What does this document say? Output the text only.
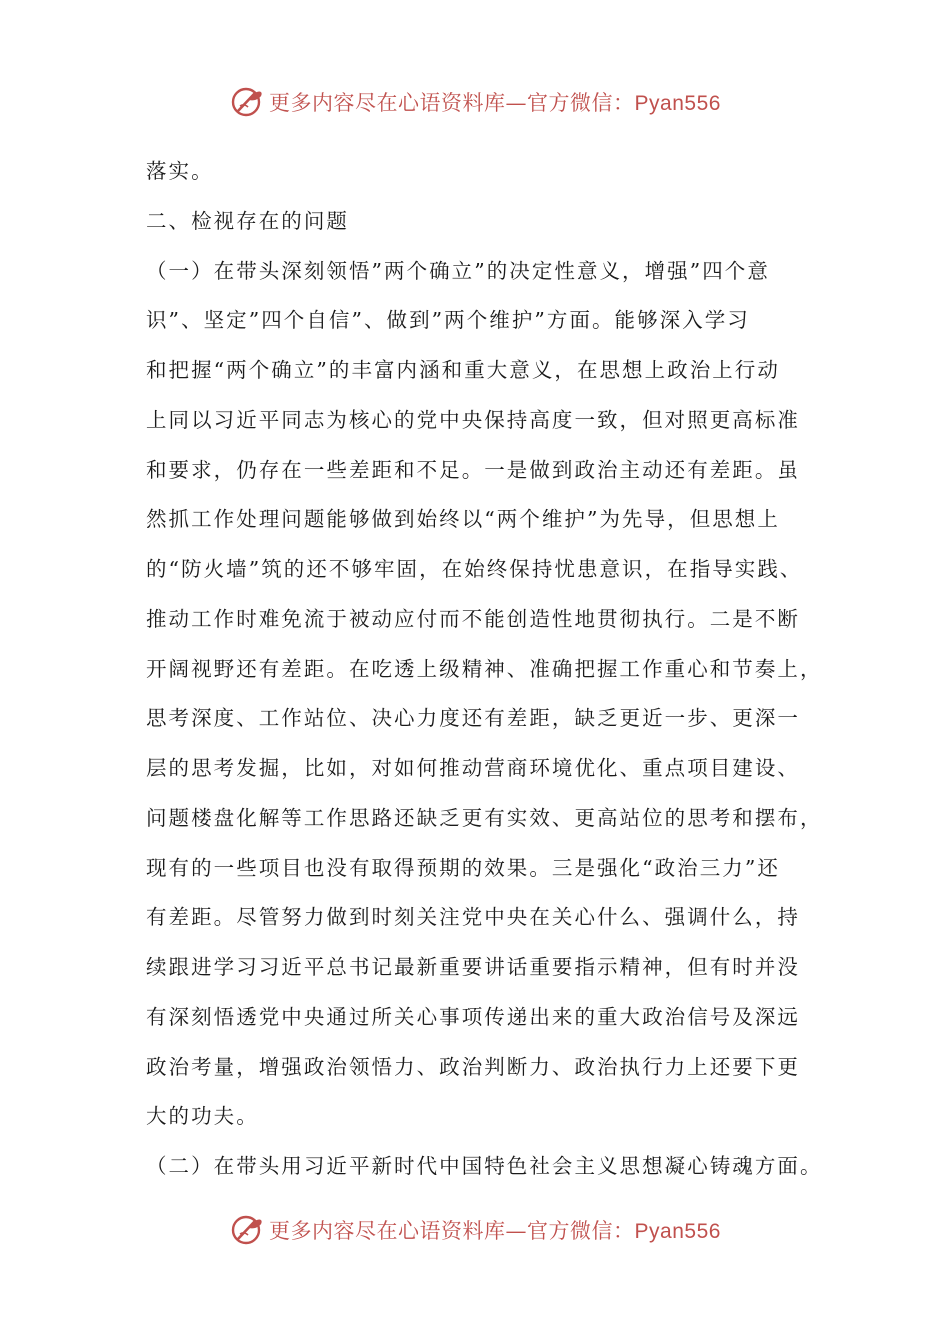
更多内容尽在心语资料库—官方微信：Pyan556
落实。
二、检视存在的问题
（一）在带头深刻领悟”两个确立”的决定性意义，增强”四个意
识”、坚定”四个自信”、做到”两个维护”方面。能够深入学习
和把握“两个确立”的丰富内涵和重大意义，在思想上政治上行动
上同以习近平同志为核心的党中央保持高度一致，但对照更高标准
和要求，仍存在一些差距和不足。一是做到政治主动还有差距。虽
然抓工作处理问题能够做到始终以“两个维护”为先导，但思想上
的“防火墙”筑的还不够牢固，在始终保持忧患意识，在指导实践、
推动工作时难免流于被动应付而不能创造性地贯彻执行。二是不断
开阔视野还有差距。在吃透上级精神、准确把握工作重心和节奏上，
思考深度、工作站位、决心力度还有差距，缺乏更近一步、更深一
层的思考发掘，比如，对如何推动营商环境优化、重点项目建设、
问题楼盘化解等工作思路还缺乏更有实效、更高站位的思考和摆布，
现有的一些项目也没有取得预期的效果。三是强化“政治三力”还
有差距。尽管努力做到时刻关注党中央在关心什么、强调什么，持
续跟进学习习近平总书记最新重要讲话重要指示精神，但有时并没
有深刻悟透党中央通过所关心事项传递出来的重大政治信号及深远
政治考量，增强政治领悟力、政治判断力、政治执行力上还要下更
大的功夫。
（二）在带头用习近平新时代中国特色社会主义思想凝心铸魂方面。
更多内容尽在心语资料库—官方微信：Pyan556
